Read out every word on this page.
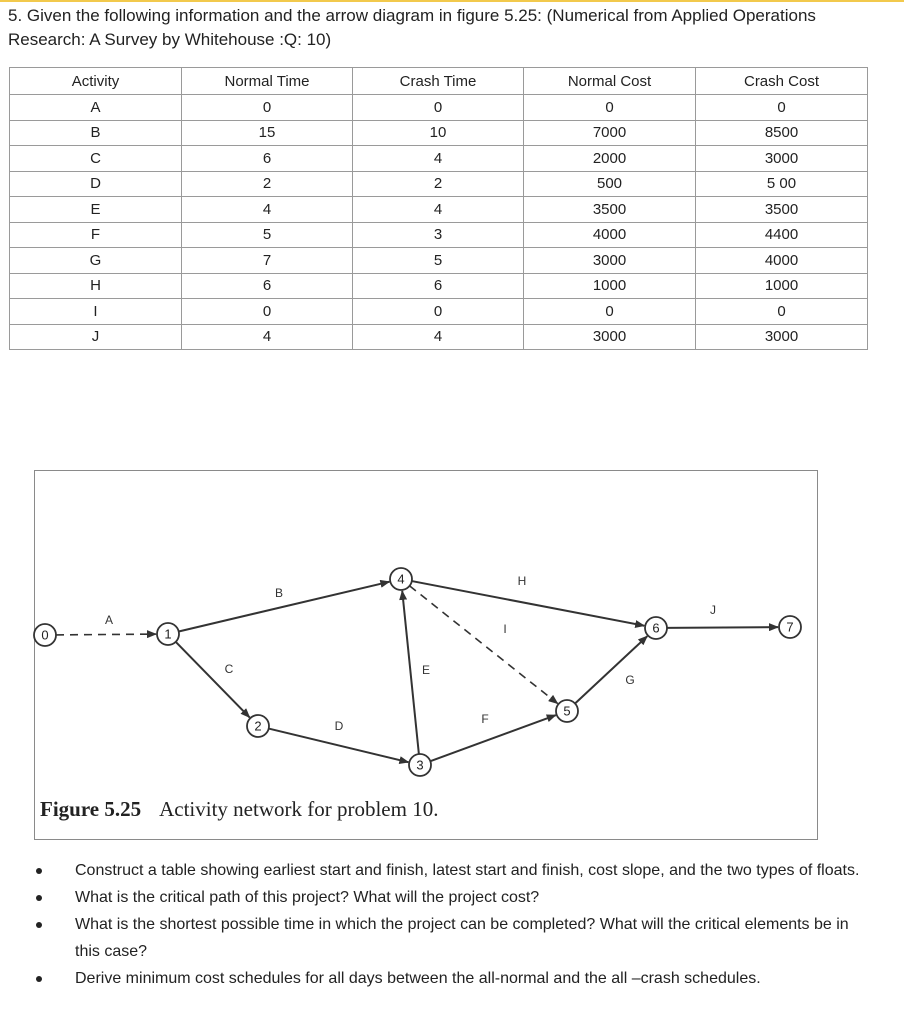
5. Given the following information and the arrow diagram in figure 5.25: (Numerical from Applied Operations Research: A Survey by Whitehouse :Q: 10)
Activity	Normal Time	Crash Time	Normal Cost	Crash Cost
A	0	0	0	0
B	15	10	7000	8500
C	6	4	2000	3000
D	2	2	500	5 00
E	4	4	3500	3500
F	5	3	4000	4400
G	7	5	3000	4000
H	6	6	1000	1000
I	0	0	0	0
J	4	4	3000	3000
0	1
2
3
4
5
6	7
A
B
C
D
E
F
H
I
G
J
Figure 5.25 Activity network for problem 10.
Construct a table showing earliest start and finish, latest start and finish, cost slope, and the two types of floats.
What is the critical path of this project? What will the project cost?
What is the shortest possible time in which the project can be completed? What will the critical elements be in this case?
Derive minimum cost schedules for all days between the all-normal and the all –crash schedules.
